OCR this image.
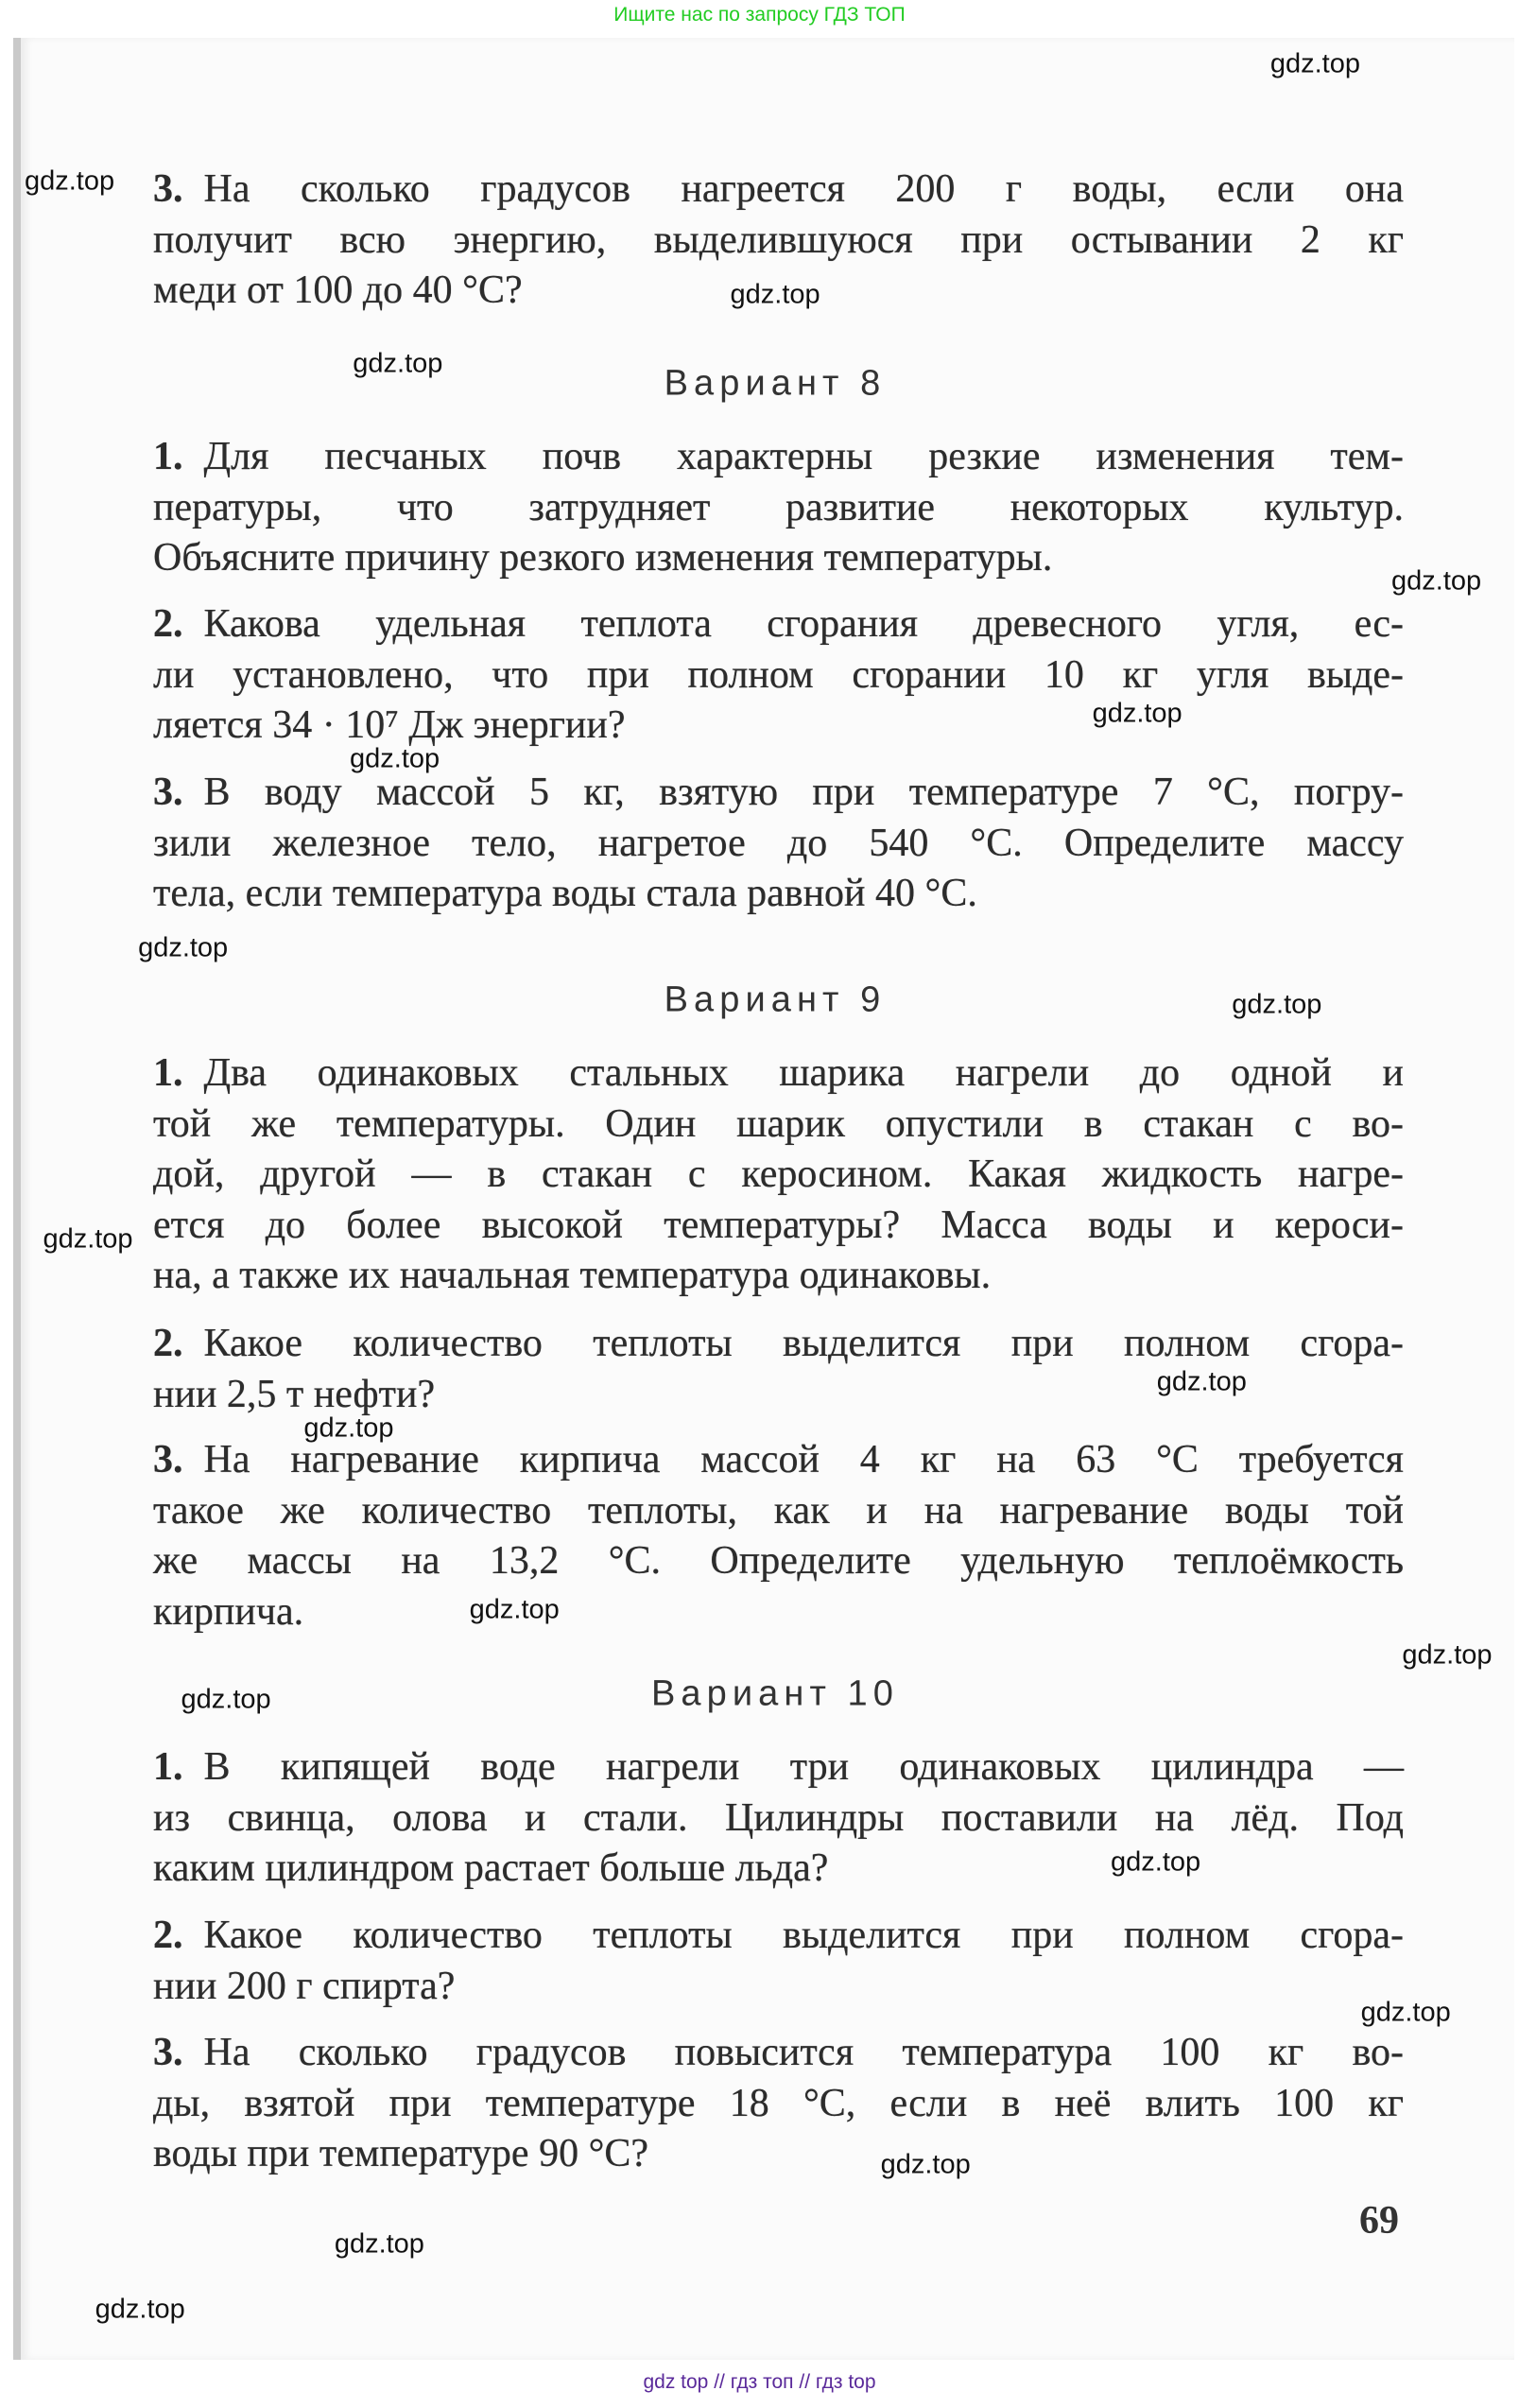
Ищите нас по запросу ГДЗ ТОП
69
gdz top // гдз топ // гдз top
3. На сколько градусов нагреется 200 г воды, если она
получит всю энергию, выделившуюся при остывании 2 кг
меди от 100 до 40 °C?
Вариант 8
1. Для песчаных почв характерны резкие изменения тем-
пературы, что затрудняет развитие некоторых культур.
Объясните причину резкого изменения температуры.
2. Какова удельная теплота сгорания древесного угля, ес-
ли установлено, что при полном сгорании 10 кг угля выде-
ляется 34 · 10⁷ Дж энергии?
3. В воду массой 5 кг, взятую при температуре 7 °C, погру-
зили железное тело, нагретое до 540 °C. Определите массу
тела, если температура воды стала равной 40 °C.
Вариант 9
1. Два одинаковых стальных шарика нагрели до одной и
той же температуры. Один шарик опустили в стакан с во-
дой, другой — в стакан с керосином. Какая жидкость нагре-
ется до более высокой температуры? Масса воды и кероси-
на, а также их начальная температура одинаковы.
2. Какое количество теплоты выделится при полном сгора-
нии 2,5 т нефти?
3. На нагревание кирпича массой 4 кг на 63 °C требуется
такое же количество теплоты, как и на нагревание воды той
же массы на 13,2 °C. Определите удельную теплоёмкость
кирпича.
Вариант 10
1. В кипящей воде нагрели три одинаковых цилиндра —
из свинца, олова и стали. Цилиндры поставили на лёд. Под
каким цилиндром растает больше льда?
2. Какое количество теплоты выделится при полном сгора-
нии 200 г спирта?
3. На сколько градусов повысится температура 100 кг во-
ды, взятой при температуре 18 °C, если в неё влить 100 кг
воды при температуре 90 °C?
gdz.top
gdz.top
gdz.top
gdz.top
gdz.top
gdz.top
gdz.top
gdz.top
gdz.top
gdz.top
gdz.top
gdz.top
gdz.top
gdz.top
gdz.top
gdz.top
gdz.top
gdz.top
gdz.top
gdz.top
